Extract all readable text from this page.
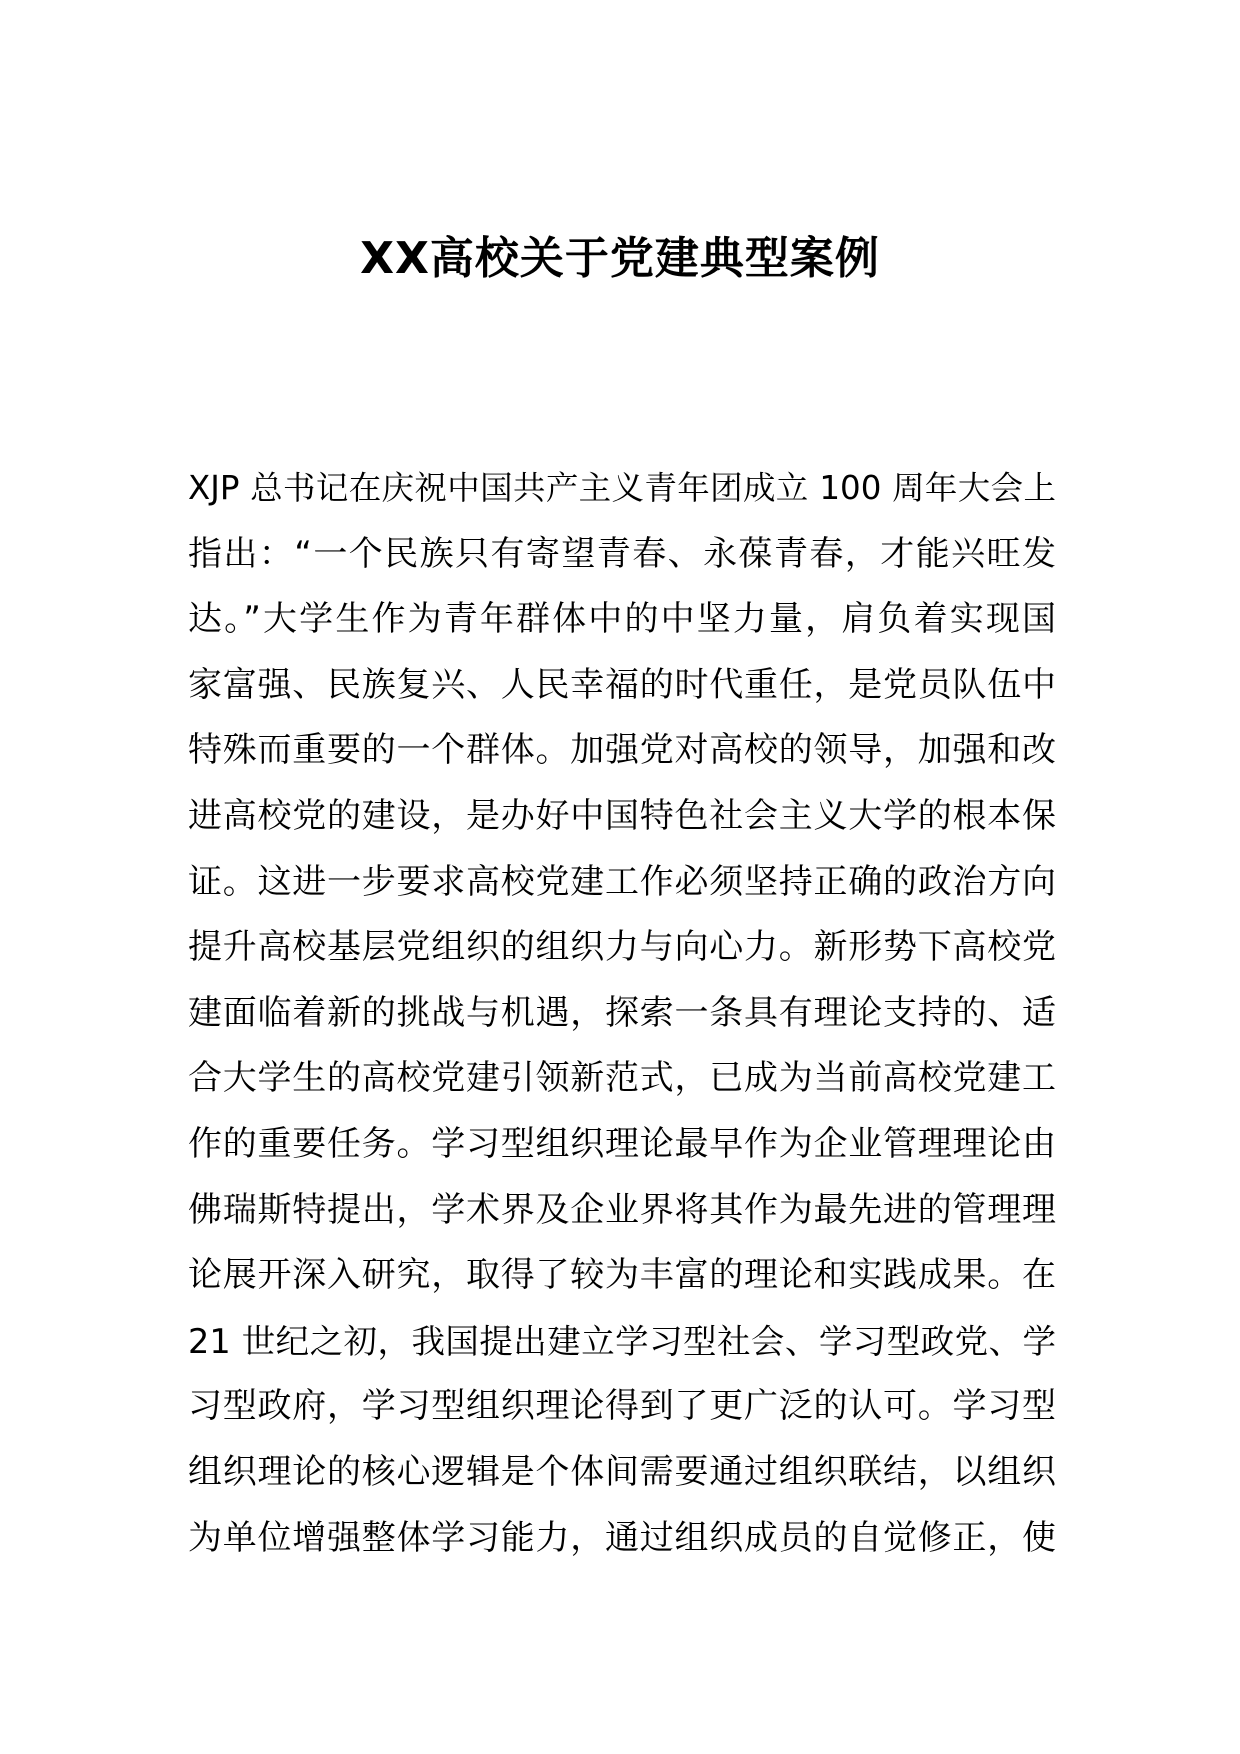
XX高校关于党建典型案例
XJP 总书记在庆祝中国共产主义青年团成立 100 周年大会上
指出：“一个民族只有寄望青春、永葆青春，才能兴旺发
达。”大学生作为青年群体中的中坚力量，肩负着实现国
家富强、民族复兴、人民幸福的时代重任，是党员队伍中
特殊而重要的一个群体。加强党对高校的领导，加强和改
进高校党的建设，是办好中国特色社会主义大学的根本保
证。这进一步要求高校党建工作必须坚持正确的政治方向
提升高校基层党组织的组织力与向心力。新形势下高校党
建面临着新的挑战与机遇，探索一条具有理论支持的、适
合大学生的高校党建引领新范式，已成为当前高校党建工
作的重要任务。学习型组织理论最早作为企业管理理论由
佛瑞斯特提出，学术界及企业界将其作为最先进的管理理
论展开深入研究，取得了较为丰富的理论和实践成果。在
21 世纪之初，我国提出建立学习型社会、学习型政党、学
习型政府，学习型组织理论得到了更广泛的认可。学习型
组织理论的核心逻辑是个体间需要通过组织联结，以组织
为单位增强整体学习能力，通过组织成员的自觉修正，使
